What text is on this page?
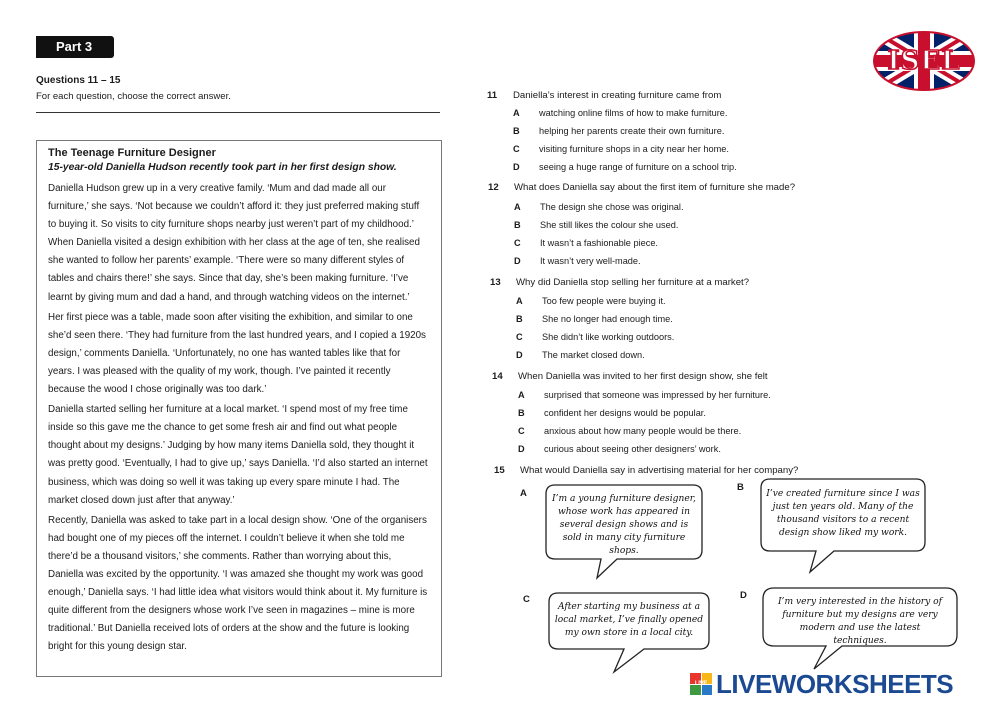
Part 3
Questions 11 – 15
For each question, choose the correct answer.
The Teenage Furniture Designer
15-year-old Daniella Hudson recently took part in her first design show.

Daniella Hudson grew up in a very creative family. ‘Mum and dad made all our furniture,’ she says. ‘Not because we couldn’t afford it: they just preferred making stuff to buying it. So visits to city furniture shops nearby just weren’t part of my childhood.’ When Daniella visited a design exhibition with her class at the age of ten, she realised she wanted to follow her parents’ example. ‘There were so many different styles of tables and chairs there!’ she says. Since that day, she’s been making furniture. ‘I’ve learnt by giving mum and dad a hand, and through watching videos on the internet.’

Her first piece was a table, made soon after visiting the exhibition, and similar to one she’d seen there. ‘They had furniture from the last hundred years, and I copied a 1920s design,’ comments Daniella. ‘Unfortunately, no one has wanted tables like that for years. I was pleased with the quality of my work, though. I’ve painted it recently because the wood I chose originally was too dark.’

Daniella started selling her furniture at a local market. ‘I spend most of my free time inside so this gave me the chance to get some fresh air and find out what people thought about my designs.’ Judging by how many items Daniella sold, they thought it was pretty good. ‘Eventually, I had to give up,’ says Daniella. ‘I’d also started an internet business, which was doing so well it was taking up every spare minute I had. The market closed down just after that anyway.’

Recently, Daniella was asked to take part in a local design show. ‘One of the organisers had bought one of my pieces off the internet. I couldn’t believe it when she told me there’d be a thousand visitors,’ she comments. Rather than worrying about this, Daniella was excited by the opportunity. ‘I was amazed she thought my work was good enough,’ Daniella says. ‘I had little idea what visitors would think about it. My furniture is quite different from the designers whose work I’ve seen in magazines – mine is more traditional.’ But Daniella received lots of orders at the show and the future is looking bright for this young design star.

11 Daniella’s interest in creating furniture came from
A watching online films of how to make furniture.
B helping her parents create their own furniture.
C visiting furniture shops in a city near her home.
D seeing a huge range of furniture on a school trip.
12 What does Daniella say about the first item of furniture she made?
A The design she chose was original.
B She still likes the colour she used.
C It wasn’t a fashionable piece.
D It wasn’t very well-made.
13 Why did Daniella stop selling her furniture at a market?
A Too few people were buying it.
B She no longer had enough time.
C She didn’t like working outdoors.
D The market closed down.
14 When Daniella was invited to her first design show, she felt
A surprised that someone was impressed by her furniture.
B confident her designs would be popular.
C anxious about how many people would be there.
D curious about seeing other designers’ work.
15 What would Daniella say in advertising material for her company?
A	I’m a young furniture designer, whose work has appeared in several design shows and is sold in many city furniture shops.
B
I’ve created furniture since I was just ten years old. Many of the thousand visitors to a recent design show liked my work.
C
After starting my business at a local market, I’ve finally opened my own store in a local city.
D
I’m very interested in the history of furniture but my designs are very modern and use the latest techniques.
ISEL
LIVE LIVEWORKSHEETS
